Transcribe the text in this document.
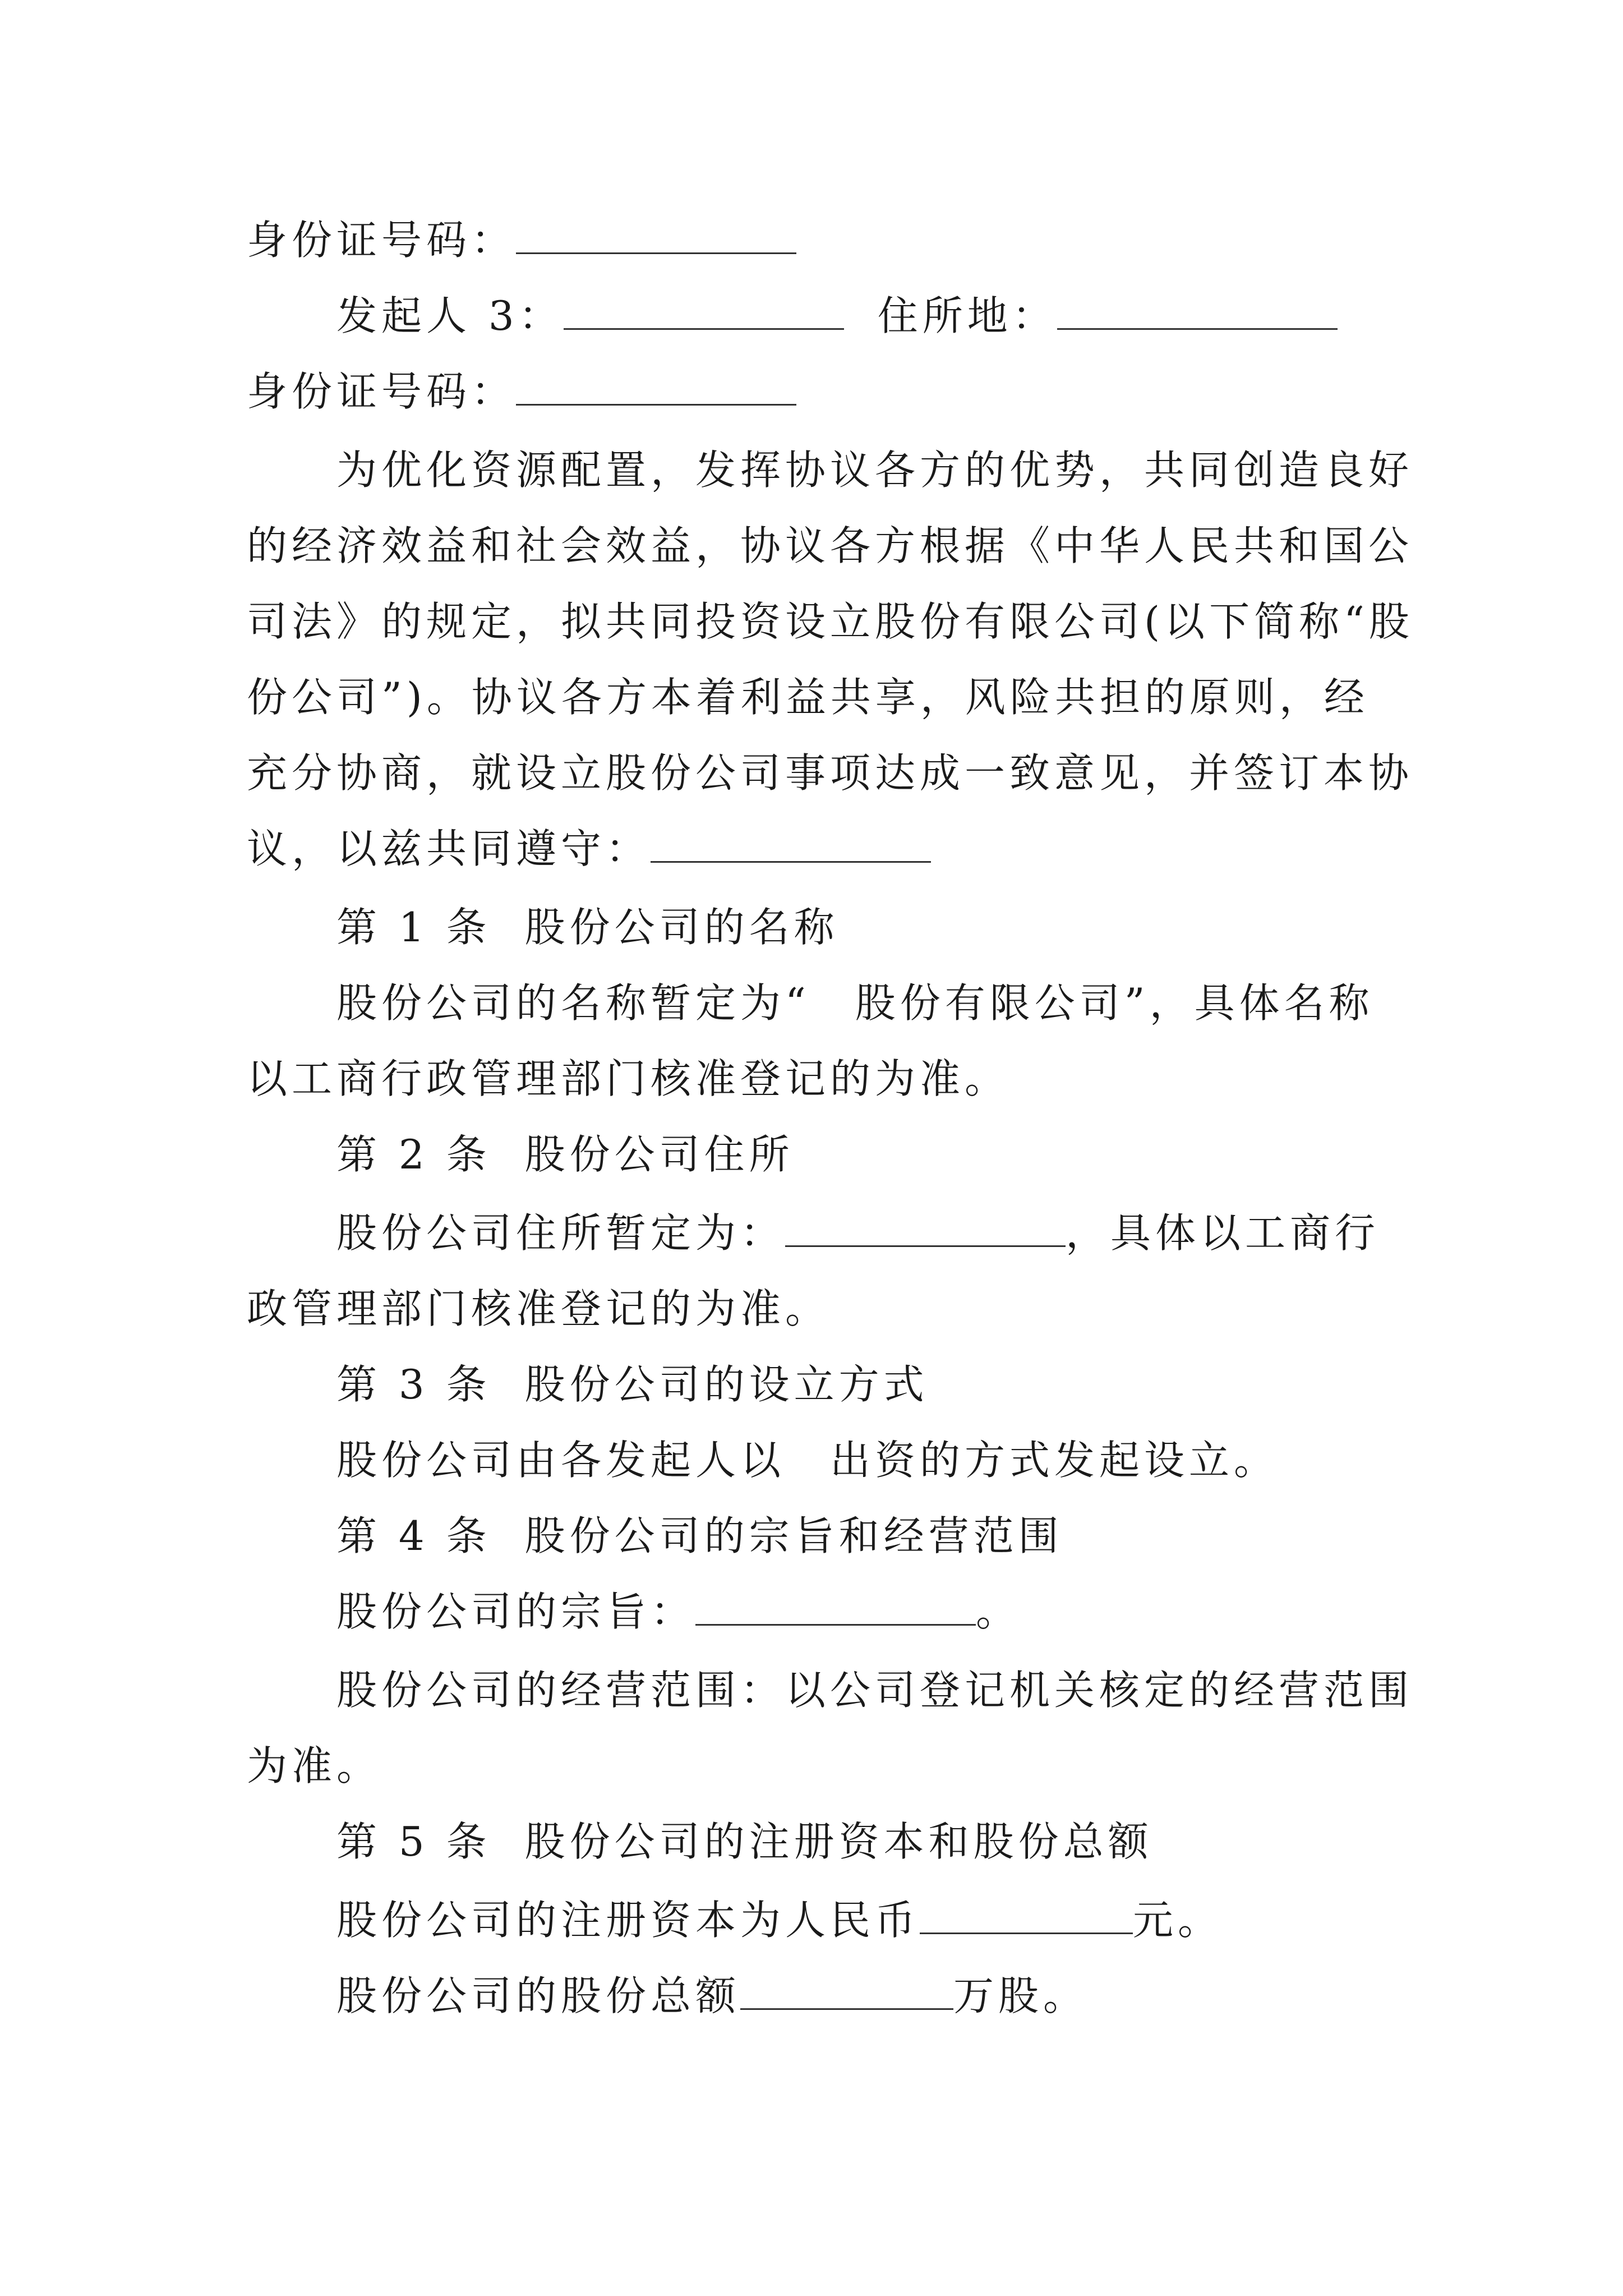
身份证号码：
发起人 3：	住所地：
身份证号码：
为优化资源配置，发挥协议各方的优势，共同创造良好
的经济效益和社会效益，协议各方根据《中华人民共和国公
司法》的规定，拟共同投资设立股份有限公司(以下简称“股
份公司”)。协议各方本着利益共享，风险共担的原则，经
充分协商，就设立股份公司事项达成一致意见，并签订本协
议，以兹共同遵守：
第 1 条 股份公司的名称
股份公司的名称暂定为“　股份有限公司”，具体名称
以工商行政管理部门核准登记的为准。
第 2 条 股份公司住所
股份公司住所暂定为：	，具体以工商行
政管理部门核准登记的为准。
第 3 条 股份公司的设立方式
股份公司由各发起人以　出资的方式发起设立。
第 4 条 股份公司的宗旨和经营范围
股份公司的宗旨：	。
股份公司的经营范围：以公司登记机关核定的经营范围
为准。
第 5 条 股份公司的注册资本和股份总额
股份公司的注册资本为人民币	元。
股份公司的股份总额	万股。
